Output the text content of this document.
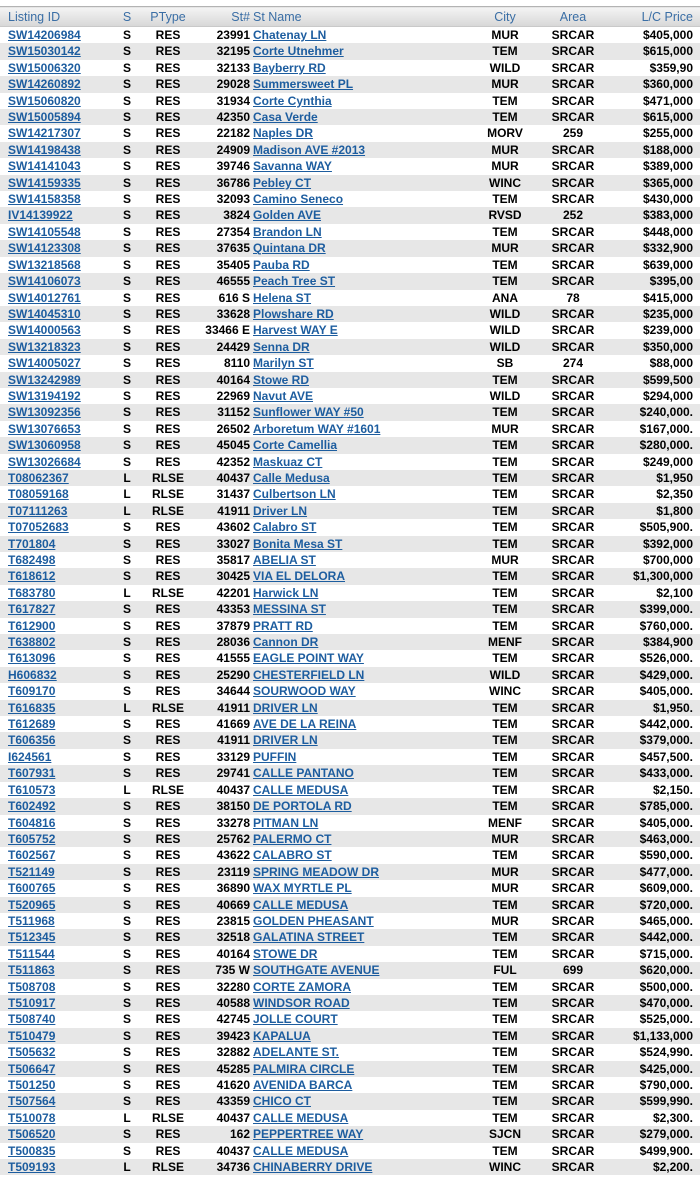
Listing ID	S	PType	St#	St Name	City	Area	L/C Price
SW14206984	S	RES	23991	Chatenay LN	MUR	SRCAR	$405,000
SW15030142	S	RES	32195	Corte Utnehmer	TEM	SRCAR	$615,000
SW15006320	S	RES	32133	Bayberry RD	WILD	SRCAR	$359,90
SW14260892	S	RES	29028	Summersweet PL	MUR	SRCAR	$360,000
SW15060820	S	RES	31934	Corte Cynthia	TEM	SRCAR	$471,000
SW15005894	S	RES	42350	Casa Verde	TEM	SRCAR	$615,000
SW14217307	S	RES	22182	Naples DR	MORV	259	$255,000
SW14198438	S	RES	24909	Madison AVE #2013	MUR	SRCAR	$188,000
SW14141043	S	RES	39746	Savanna WAY	MUR	SRCAR	$389,000
SW14159335	S	RES	36786	Pebley CT	WINC	SRCAR	$365,000
SW14158358	S	RES	32093	Camino Seneco	TEM	SRCAR	$430,000
IV14139922	S	RES	3824	Golden AVE	RVSD	252	$383,000
SW14105548	S	RES	27354	Brandon LN	TEM	SRCAR	$448,000
SW14123308	S	RES	37635	Quintana DR	MUR	SRCAR	$332,900
SW13218568	S	RES	35405	Pauba RD	TEM	SRCAR	$639,000
SW14106073	S	RES	46555	Peach Tree ST	TEM	SRCAR	$395,00
SW14012761	S	RES	616 S	Helena ST	ANA	78	$415,000
SW14045310	S	RES	33628	Plowshare RD	WILD	SRCAR	$235,000
SW14000563	S	RES	33466 E	Harvest WAY E	WILD	SRCAR	$239,000
SW13218323	S	RES	24429	Senna DR	WILD	SRCAR	$350,000
SW14005027	S	RES	8110	Marilyn ST	SB	274	$88,000
SW13242989	S	RES	40164	Stowe RD	TEM	SRCAR	$599,500
SW13194192	S	RES	22969	Navut AVE	WILD	SRCAR	$294,000
SW13092356	S	RES	31152	Sunflower WAY #50	TEM	SRCAR	$240,000.
SW13076653	S	RES	26502	Arboretum WAY #1601	MUR	SRCAR	$167,000.
SW13060958	S	RES	45045	Corte Camellia	TEM	SRCAR	$280,000.
SW13026684	S	RES	42352	Maskuaz CT	TEM	SRCAR	$249,000
T08062367	L	RLSE	40437	Calle Medusa	TEM	SRCAR	$1,950
T08059168	L	RLSE	31437	Culbertson LN	TEM	SRCAR	$2,350
T07111263	L	RLSE	41911	Driver LN	TEM	SRCAR	$1,800
T07052683	S	RES	43602	Calabro ST	TEM	SRCAR	$505,900.
T701804	S	RES	33027	Bonita Mesa ST	TEM	SRCAR	$392,000
T682498	S	RES	35817	ABELIA ST	MUR	SRCAR	$700,000
T618612	S	RES	30425	VIA EL DELORA	TEM	SRCAR	$1,300,000
T683780	L	RLSE	42201	Harwick LN	TEM	SRCAR	$2,100
T617827	S	RES	43353	MESSINA ST	TEM	SRCAR	$399,000.
T612900	S	RES	37879	PRATT RD	TEM	SRCAR	$760,000.
T638802	S	RES	28036	Cannon DR	MENF	SRCAR	$384,900
T613096	S	RES	41555	EAGLE POINT WAY	TEM	SRCAR	$526,000.
H606832	S	RES	25290	CHESTERFIELD LN	WILD	SRCAR	$429,000.
T609170	S	RES	34644	SOURWOOD WAY	WINC	SRCAR	$405,000.
T616835	L	RLSE	41911	DRIVER LN	TEM	SRCAR	$1,950.
T612689	S	RES	41669	AVE DE LA REINA	TEM	SRCAR	$442,000.
T606356	S	RES	41911	DRIVER LN	TEM	SRCAR	$379,000.
I624561	S	RES	33129	PUFFIN	TEM	SRCAR	$457,500.
T607931	S	RES	29741	CALLE PANTANO	TEM	SRCAR	$433,000.
T610573	L	RLSE	40437	CALLE MEDUSA	TEM	SRCAR	$2,150.
T602492	S	RES	38150	DE PORTOLA RD	TEM	SRCAR	$785,000.
T604816	S	RES	33278	PITMAN LN	MENF	SRCAR	$405,000.
T605752	S	RES	25762	PALERMO CT	MUR	SRCAR	$463,000.
T602567	S	RES	43622	CALABRO ST	TEM	SRCAR	$590,000.
T521149	S	RES	23119	SPRING MEADOW DR	MUR	SRCAR	$477,000.
T600765	S	RES	36890	WAX MYRTLE PL	MUR	SRCAR	$609,000.
T520965	S	RES	40669	CALLE MEDUSA	TEM	SRCAR	$720,000.
T511968	S	RES	23815	GOLDEN PHEASANT	MUR	SRCAR	$465,000.
T512345	S	RES	32518	GALATINA STREET	TEM	SRCAR	$442,000.
T511544	S	RES	40164	STOWE DR	TEM	SRCAR	$715,000.
T511863	S	RES	735 W	SOUTHGATE AVENUE	FUL	699	$620,000.
T508708	S	RES	32280	CORTE ZAMORA	TEM	SRCAR	$500,000.
T510917	S	RES	40588	WINDSOR ROAD	TEM	SRCAR	$470,000.
T508740	S	RES	42745	JOLLE COURT	TEM	SRCAR	$525,000.
T510479	S	RES	39423	KAPALUA	TEM	SRCAR	$1,133,000
T505632	S	RES	32882	ADELANTE ST.	TEM	SRCAR	$524,990.
T506647	S	RES	45285	PALMIRA CIRCLE	TEM	SRCAR	$425,000.
T501250	S	RES	41620	AVENIDA BARCA	TEM	SRCAR	$790,000.
T507564	S	RES	43359	CHICO CT	TEM	SRCAR	$599,990.
T510078	L	RLSE	40437	CALLE MEDUSA	TEM	SRCAR	$2,300.
T506520	S	RES	162	PEPPERTREE WAY	SJCN	SRCAR	$279,000.
T500835	S	RES	40437	CALLE MEDUSA	TEM	SRCAR	$499,900.
T509193	L	RLSE	34736	CHINABERRY DRIVE	WINC	SRCAR	$2,200.
